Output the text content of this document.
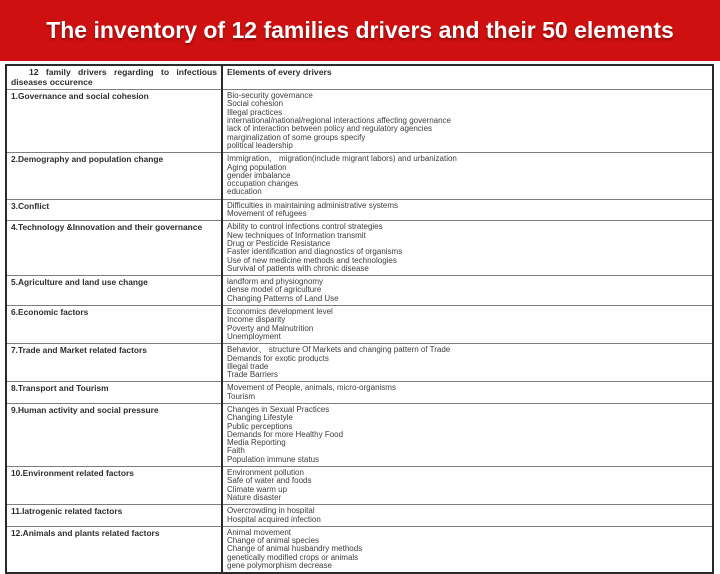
The inventory of 12 families drivers and their 50 elements
12 family drivers regarding to infectious diseases occurence	Elements of every drivers
1.Governance and social cohesion	Bio-security governance
Social cohesion
Illegal practices
international/national/regional interactions affecting governance
lack of interaction between policy and regulatory agencies
marginalization of some groups specify
political leadership

2.Demography and population change	Immigration、 migration(include migrant labors) and urbanization
Aging population
gender imbalance
occupation changes
education

3.Conflict	Difficulties in maintaining administrative systems
Movement of refugees

4.Technology &Innovation and their governance	Ability to control infections control strategies
New techniques of Information transmit
Drug or Pesticide Resistance
Faster identification and diagnostics of organisms
Use of new medicine methods and technologies
Survival of patients with chronic disease

5.Agriculture and land use change	landform and physiognomy
dense model of agriculture
Changing Patterns of Land Use

6.Economic factors	Economics development level
Income disparity
Poverty and Malnutrition
Unemployment

7.Trade and Market related factors	Behavior、 structure Of Markets and changing pattern of Trade
Demands for exotic products
Illegal trade
Trade Barriers

8.Transport and Tourism	Movement of People, animals, micro-organisms
Tourism

9.Human activity and social pressure	Changes in Sexual Practices
Changing Lifestyle
Public perceptions
Demands for more Healthy Food
Media Reporting
Faith
Population immune status

10.Environment related factors	Environment pollution
Safe of water and foods
Climate warm up
Nature disaster

11.Iatrogenic related factors	Overcrowding in hospital
Hospital acquired infection

12.Animals and plants related factors	Animal movement
Change of animal species
Change of animal husbandry methods
genetically modified crops or animals
gene polymorphism decrease
